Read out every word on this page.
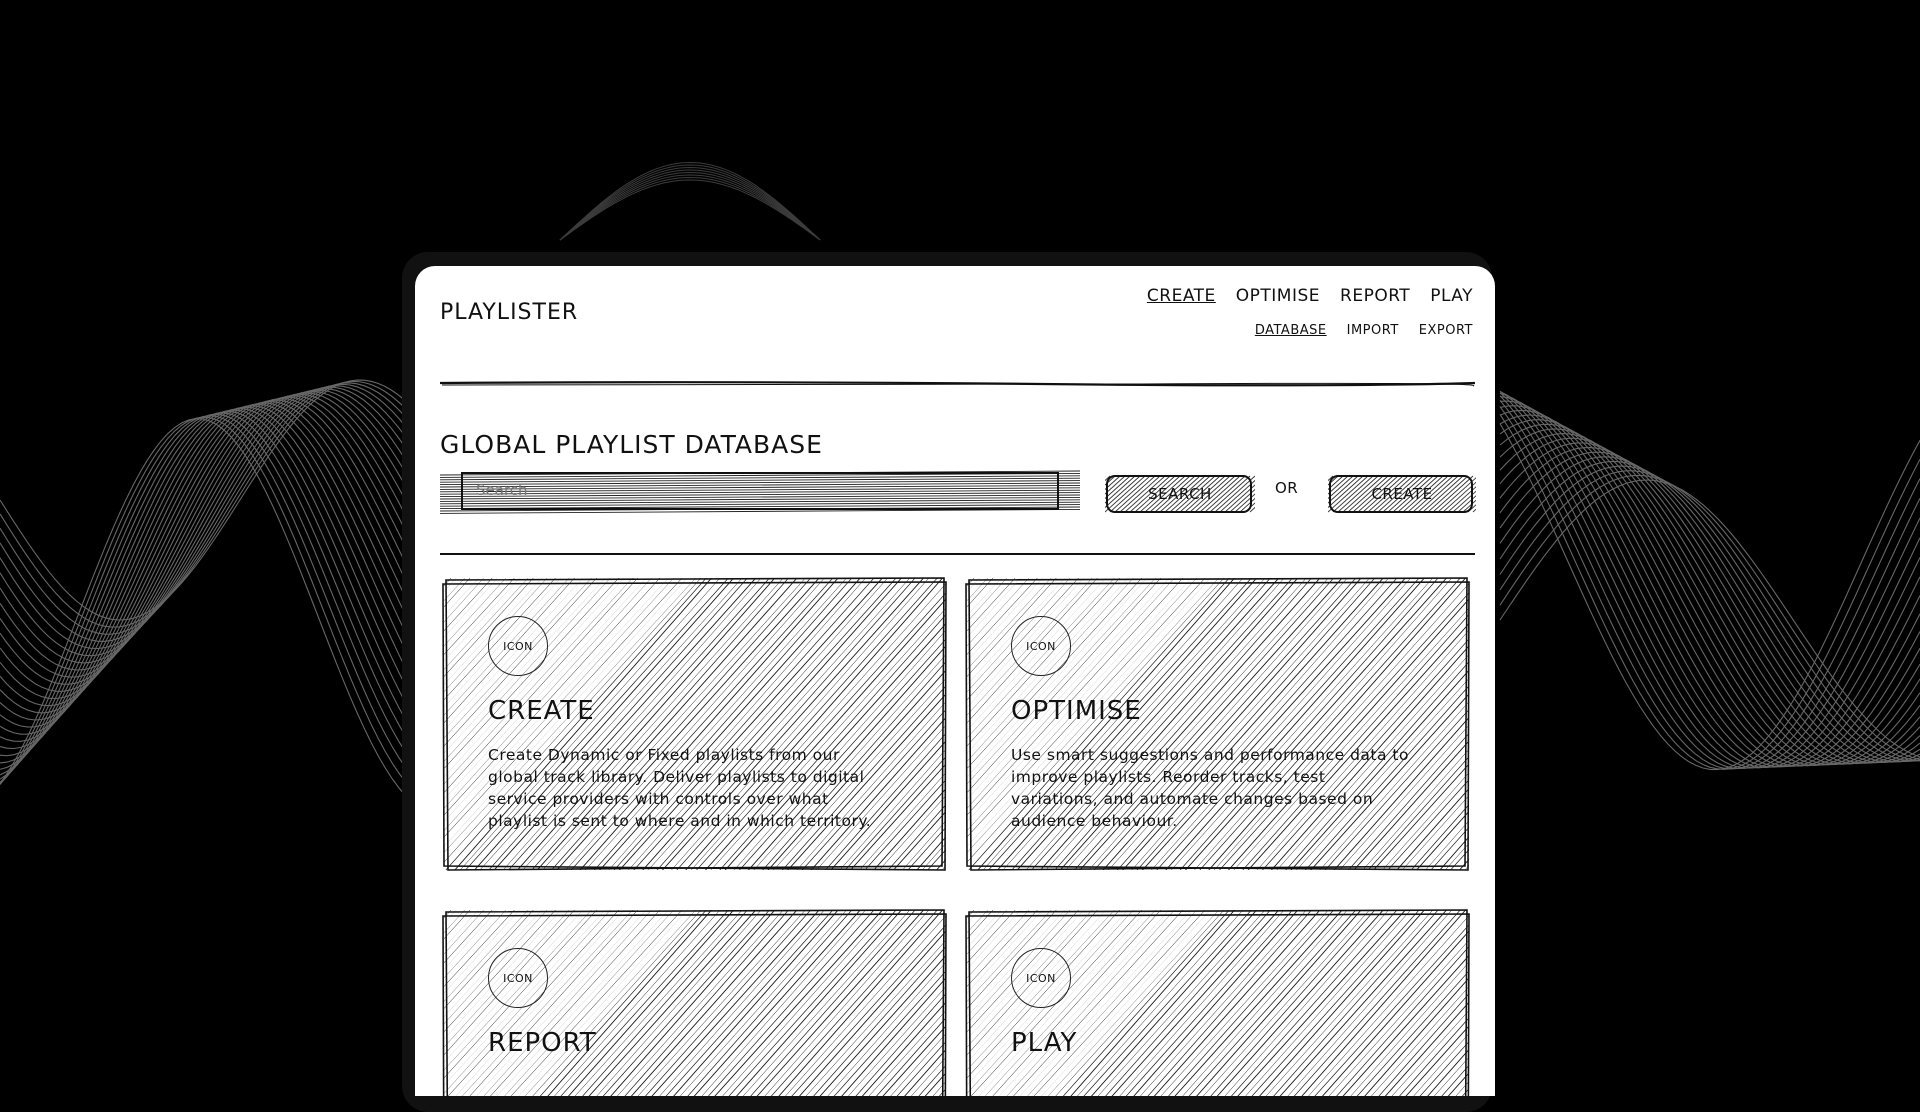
PLAYLISTER
CREATE OPTIMISE REPORT PLAY
DATABASE IMPORT EXPORT
GLOBAL PLAYLIST DATABASE
Search
SEARCH	OR	CREATE
ICON
CREATE
Create Dynamic or Fixed playlists from our global track library. Deliver playlists to digital service providers with controls over what playlist is sent to where and in which territory.
ICON
OPTIMISE
Use smart suggestions and performance data to improve playlists. Reorder tracks, test variations, and automate changes based on audience behaviour.
ICON
REPORT
ICON
PLAY
